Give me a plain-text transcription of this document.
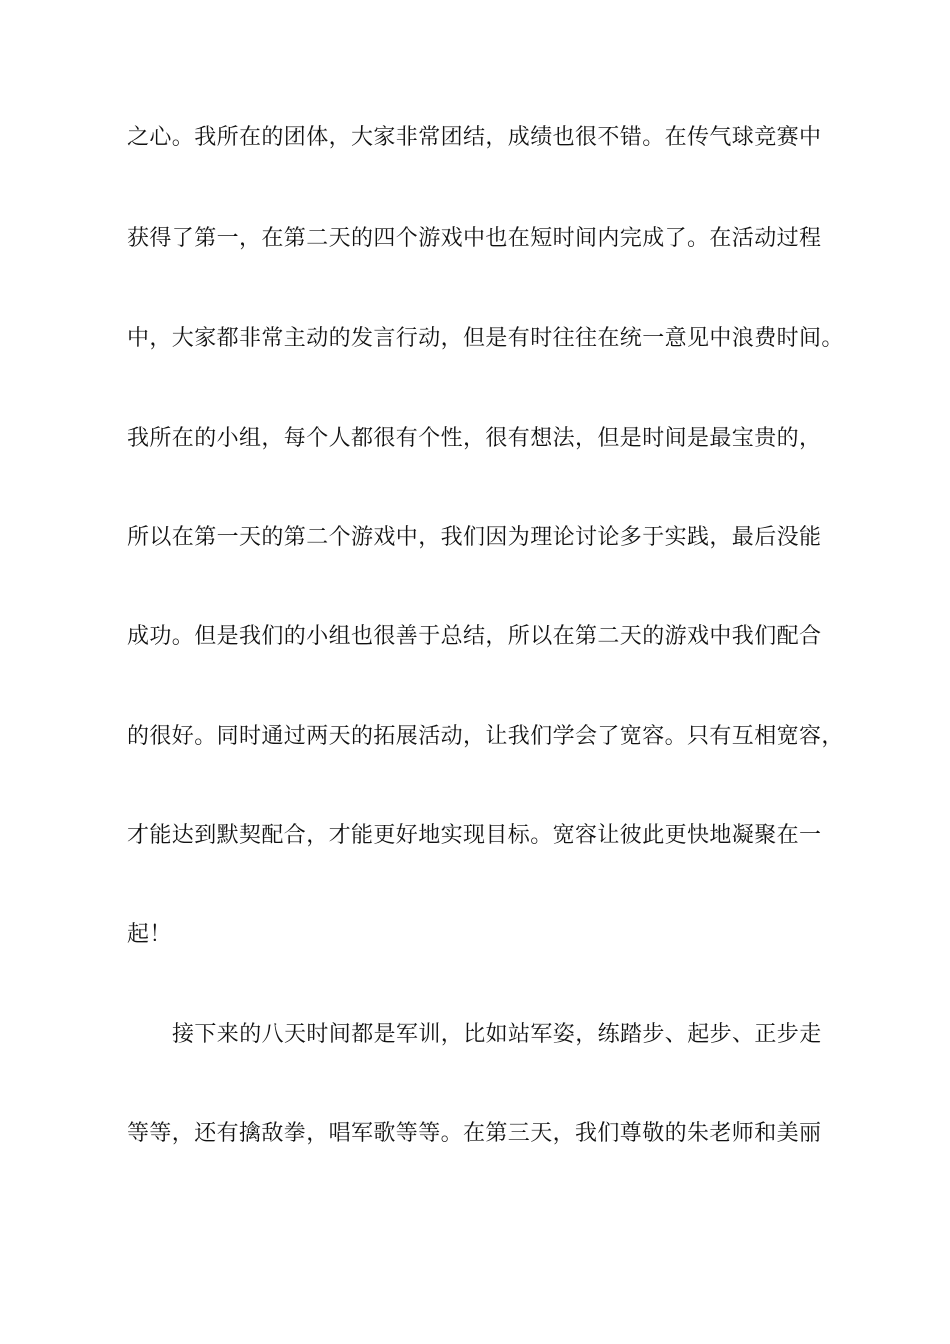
之心。我所在的团体，大家非常团结，成绩也很不错。在传气球竞赛中
获得了第一，在第二天的四个游戏中也在短时间内完成了。在活动过程
中，大家都非常主动的发言行动，但是有时往往在统一意见中浪费时间。
我所在的小组，每个人都很有个性，很有想法，但是时间是最宝贵的，
所以在第一天的第二个游戏中，我们因为理论讨论多于实践，最后没能
成功。但是我们的小组也很善于总结，所以在第二天的游戏中我们配合
的很好。同时通过两天的拓展活动，让我们学会了宽容。只有互相宽容，
才能达到默契配合，才能更好地实现目标。宽容让彼此更快地凝聚在一
起！
接下来的八天时间都是军训，比如站军姿，练踏步、起步、正步走
等等，还有擒敌拳，唱军歌等等。在第三天，我们尊敬的朱老师和美丽
